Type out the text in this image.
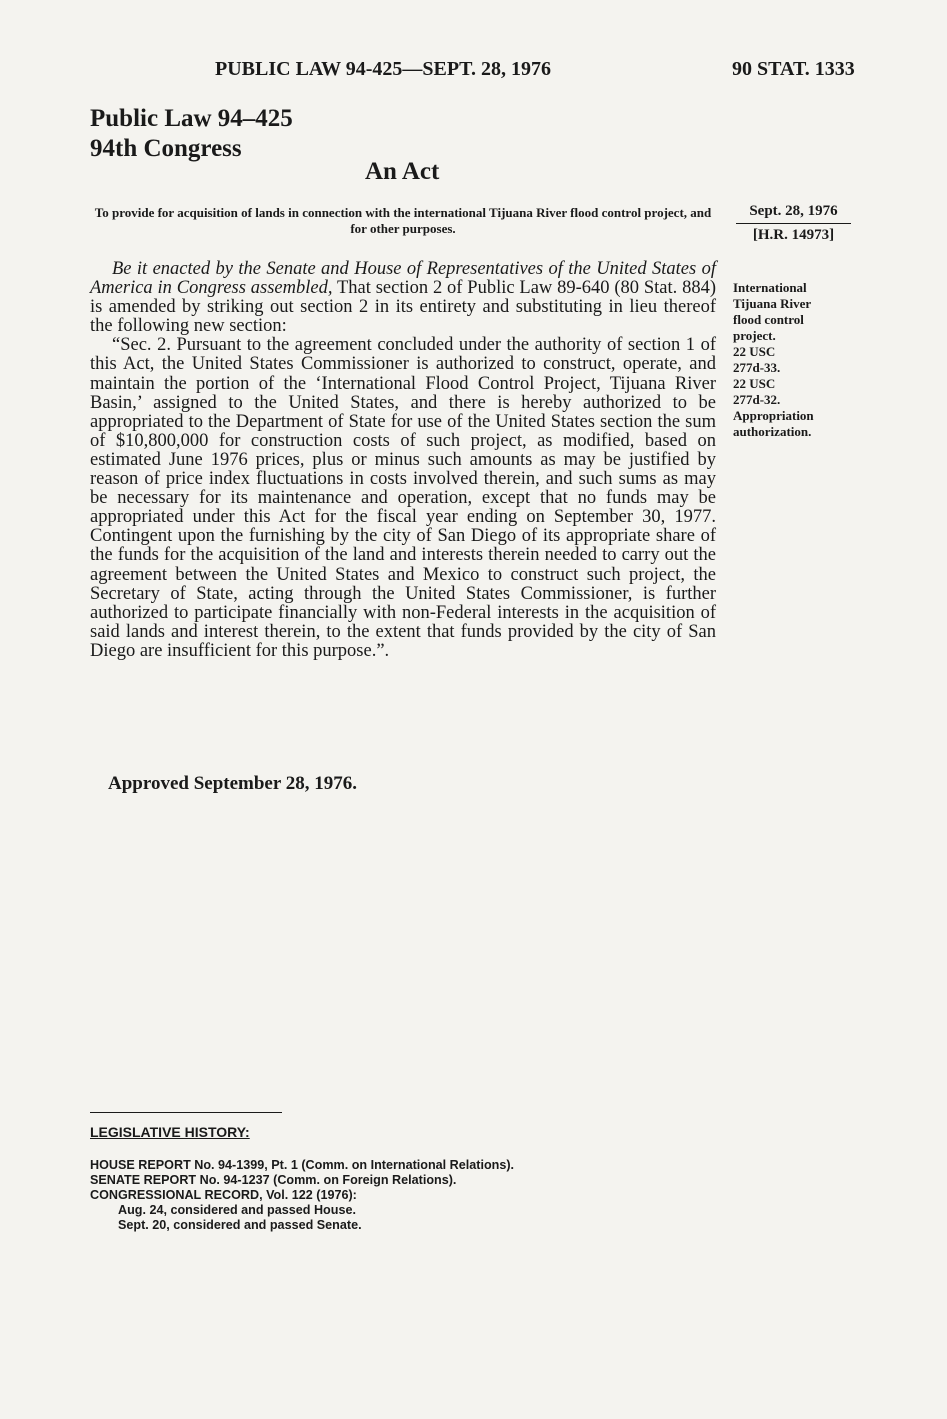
PUBLIC LAW 94-425—SEPT. 28, 1976	90 STAT. 1333
Public Law 94–425
94th Congress
An Act
To provide for acquisition of lands in connection with the international Tijuana River flood control project, and for other purposes.
Sept. 28, 1976
[H.R. 14973]
International
Tijuana River
flood control
project.
22 USC
277d-33.
22 USC
277d-32.
Appropriation
authorization.

Be it enacted by the Senate and House of Representatives of the United States of America in Congress assembled, That section 2 of Public Law 89-640 (80 Stat. 884) is amended by striking out section 2 in its entirety and substituting in lieu thereof the following new section:

“Sec. 2. Pursuant to the agreement concluded under the authority of section 1 of this Act, the United States Commissioner is authorized to construct, operate, and maintain the portion of the ‘International Flood Control Project, Tijuana River Basin,’ assigned to the United States, and there is hereby authorized to be appropriated to the Department of State for use of the United States section the sum of $10,800,000 for construction costs of such project, as modified, based on estimated June 1976 prices, plus or minus such amounts as may be justified by reason of price index fluctuations in costs involved therein, and such sums as may be necessary for its maintenance and operation, except that no funds may be appropriated under this Act for the fiscal year ending on September 30, 1977. Contingent upon the furnishing by the city of San Diego of its appropriate share of the funds for the acquisition of the land and interests therein needed to carry out the agreement between the United States and Mexico to construct such project, the Secretary of State, acting through the United States Commissioner, is further authorized to participate financially with non-Federal interests in the acquisition of said lands and interest therein, to the extent that funds provided by the city of San Diego are insufficient for this purpose.”.

Approved September 28, 1976.
LEGISLATIVE HISTORY:
HOUSE REPORT No. 94-1399, Pt. 1 (Comm. on International Relations).
SENATE REPORT No. 94-1237 (Comm. on Foreign Relations).
CONGRESSIONAL RECORD, Vol. 122 (1976):
Aug. 24, considered and passed House.
Sept. 20, considered and passed Senate.
